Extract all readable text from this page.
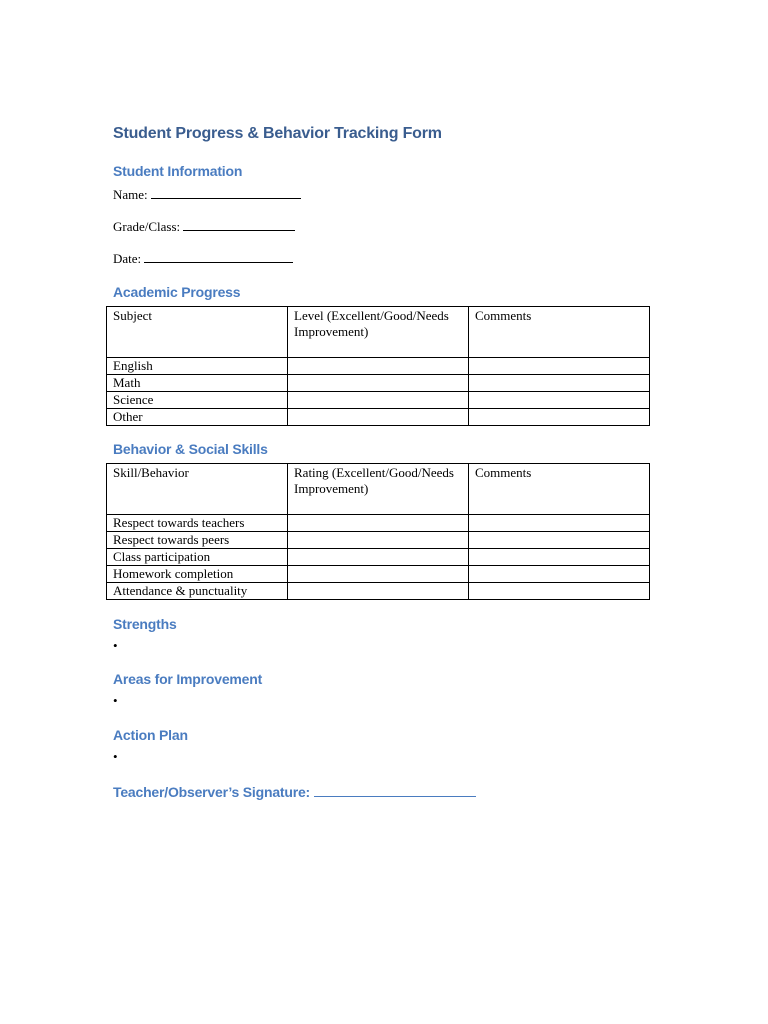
Student Progress & Behavior Tracking Form
Student Information
Name:
Grade/Class:
Date:
Academic Progress
Subject	Level (Excellent/Good/Needs Improvement)	Comments
English		
Math		
Science		
Other		
Behavior & Social Skills
Skill/Behavior	Rating (Excellent/Good/Needs Improvement)	Comments
Respect towards teachers		
Respect towards peers		
Class participation		
Homework completion		
Attendance & punctuality		
Strengths
•
Areas for Improvement
•
Action Plan
•
Teacher/Observer’s Signature:
